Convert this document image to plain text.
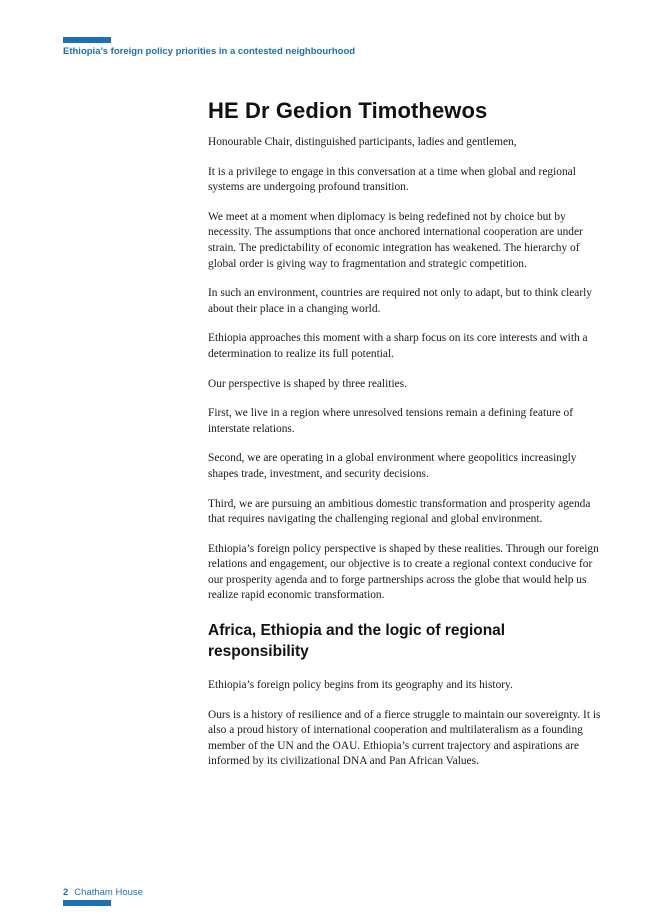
Ethiopia’s foreign policy priorities in a contested neighbourhood
HE Dr Gedion Timothewos

Honourable Chair, distinguished participants, ladies and gentlemen,

It is a privilege to engage in this conversation at a time when global and regional systems are undergoing profound transition.

We meet at a moment when diplomacy is being redefined not by choice but by necessity. The assumptions that once anchored international cooperation are under strain. The predictability of economic integration has weakened. The hierarchy of global order is giving way to fragmentation and strategic competition.

In such an environment, countries are required not only to adapt, but to think clearly about their place in a changing world.

Ethiopia approaches this moment with a sharp focus on its core interests and with a determination to realize its full potential.

Our perspective is shaped by three realities.

First, we live in a region where unresolved tensions remain a defining feature of interstate relations.

Second, we are operating in a global environment where geopolitics increasingly shapes trade, investment, and security decisions.

Third, we are pursuing an ambitious domestic transformation and prosperity agenda that requires navigating the challenging regional and global environment.

Ethiopia’s foreign policy perspective is shaped by these realities. Through our foreign relations and engagement, our objective is to create a regional context conducive for our prosperity agenda and to forge partnerships across the globe that would help us realize rapid economic transformation.

Africa, Ethiopia and the logic of regional responsibility

Ethiopia’s foreign policy begins from its geography and its history.

Ours is a history of resilience and of a fierce struggle to maintain our sovereignty. It is also a proud history of international cooperation and multilateralism as a founding member of the UN and the OAU. Ethiopia’s current trajectory and aspirations are informed by its civilizational DNA and Pan African Values.

2 Chatham House
